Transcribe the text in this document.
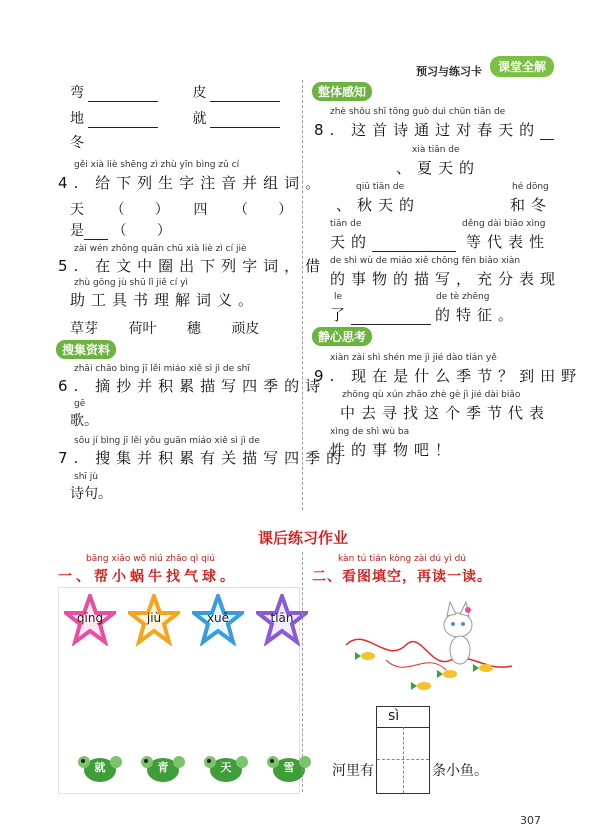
预习与练习卡	课堂全解
弯	皮
地	就
冬
gěi xià liè shēng zì zhù yīn bìng zǔ cí
4. 给下列生字注音并组词。
天 （ ） 四 （ ）
是 （ ）
zài wén zhōng quān chū xià liè zì cí jiè
5. 在文中圈出下列字词，借
zhù gōng jù shū lǐ jiě cí yì
助工具书理解词义。
草芽 荷叶 穗 顽皮
搜集资料
zhāi chāo bìng jī lěi miáo xiě sì jì de shī
6. 摘抄并积累描写四季的诗
gē
歌。
sōu jí bìng jī lěi yǒu guān miáo xiě sì jì de
7. 搜集并积累有关描写四季的
shī jù
诗句。
整体感知
zhè shǒu shī tōng guò duì chūn tiān de
8. 这首诗通过对春天的
xià tiān de
、夏天的
qiū tiān de	hé dōng
、秋天的	和冬
tiān de	děng dài biǎo xìng
天的	等代表性
de shì wù de miáo xiě chōng fēn biǎo xiàn
的事物的描写，充分表现
le	de tè zhēng
了	的特征。
静心思考
xiàn zài shì shén me jì jié dào tián yě
9. 现在是什么季节？到田野
zhōng qù xún zhǎo zhè gè jì jié dài biǎo
中去寻找这个季节代表
xìng de shì wù ba
性的事物吧！
课后练习作业
bāng xiǎo wō niú zhǎo qì qiú
一、帮小蜗牛找气球。
qīng	jiù	xuě	tiān
就	青	天	雪
kàn tú tián kòng zài dú yì dú
二、看图填空，再读一读。
sì
河里有	条小鱼。
307
